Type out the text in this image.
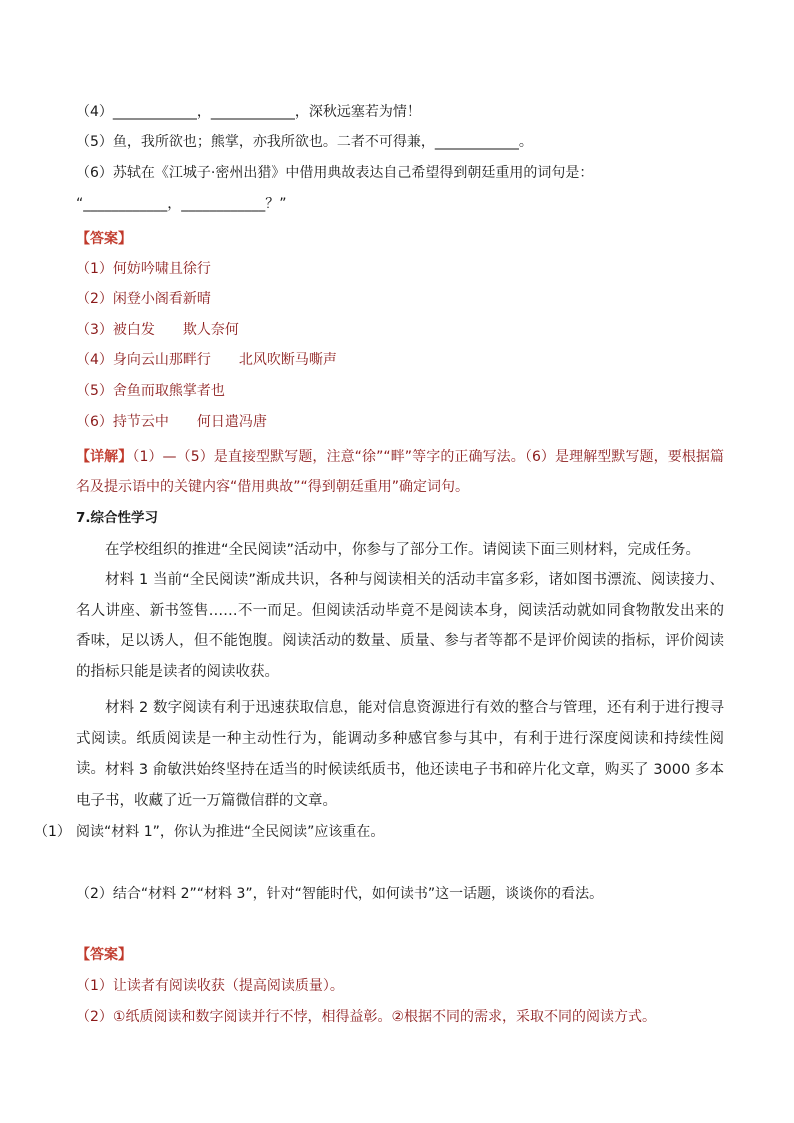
（4）____________，____________，深秋远塞若为情！
（5）鱼，我所欲也；熊掌，亦我所欲也。二者不可得兼，____________。
（6）苏轼在《江城子·密州出猎》中借用典故表达自己希望得到朝廷重用的词句是：
“____________，____________？”
【答案】
（1）何妨吟啸且徐行
（2）闲登小阁看新晴
（3）被白发　　欺人奈何
（4）身向云山那畔行　　北风吹断马嘶声
（5）舍鱼而取熊掌者也
（6）持节云中　　何日遣冯唐
【详解】（1）—（5）是直接型默写题，注意“徐”“畔”等字的正确写法。（6）是理解型默写题，要根据篇名及提示语中的关键内容“借用典故”“得到朝廷重用”确定词句。
7.综合性学习
在学校组织的推进“全民阅读”活动中，你参与了部分工作。请阅读下面三则材料，完成任务。
材料 1 当前“全民阅读”渐成共识，各种与阅读相关的活动丰富多彩，诸如图书漂流、阅读接力、名人讲座、新书签售……不一而足。但阅读活动毕竟不是阅读本身，阅读活动就如同食物散发出来的香味，足以诱人，但不能饱腹。阅读活动的数量、质量、参与者等都不是评价阅读的指标，评价阅读的指标只能是读者的阅读收获。
材料 2 数字阅读有利于迅速获取信息，能对信息资源进行有效的整合与管理，还有利于进行搜寻式阅读。纸质阅读是一种主动性行为，能调动多种感官参与其中，有利于进行深度阅读和持续性阅读。 材料 3 俞敏洪始终坚持在适当的时候读纸质书，他还读电子书和碎片化文章，购买了 3000 多本电子书，收藏了近一万篇微信群的文章。
（1） 阅读“材料 1”，你认为推进“全民阅读”应该重在。
（2）结合“材料 2”“材料 3”，针对“智能时代，如何读书”这一话题，谈谈你的看法。
【答案】
（1）让读者有阅读收获（提高阅读质量）。
（2）①纸质阅读和数字阅读并行不悖，相得益彰。②根据不同的需求，采取不同的阅读方式。
